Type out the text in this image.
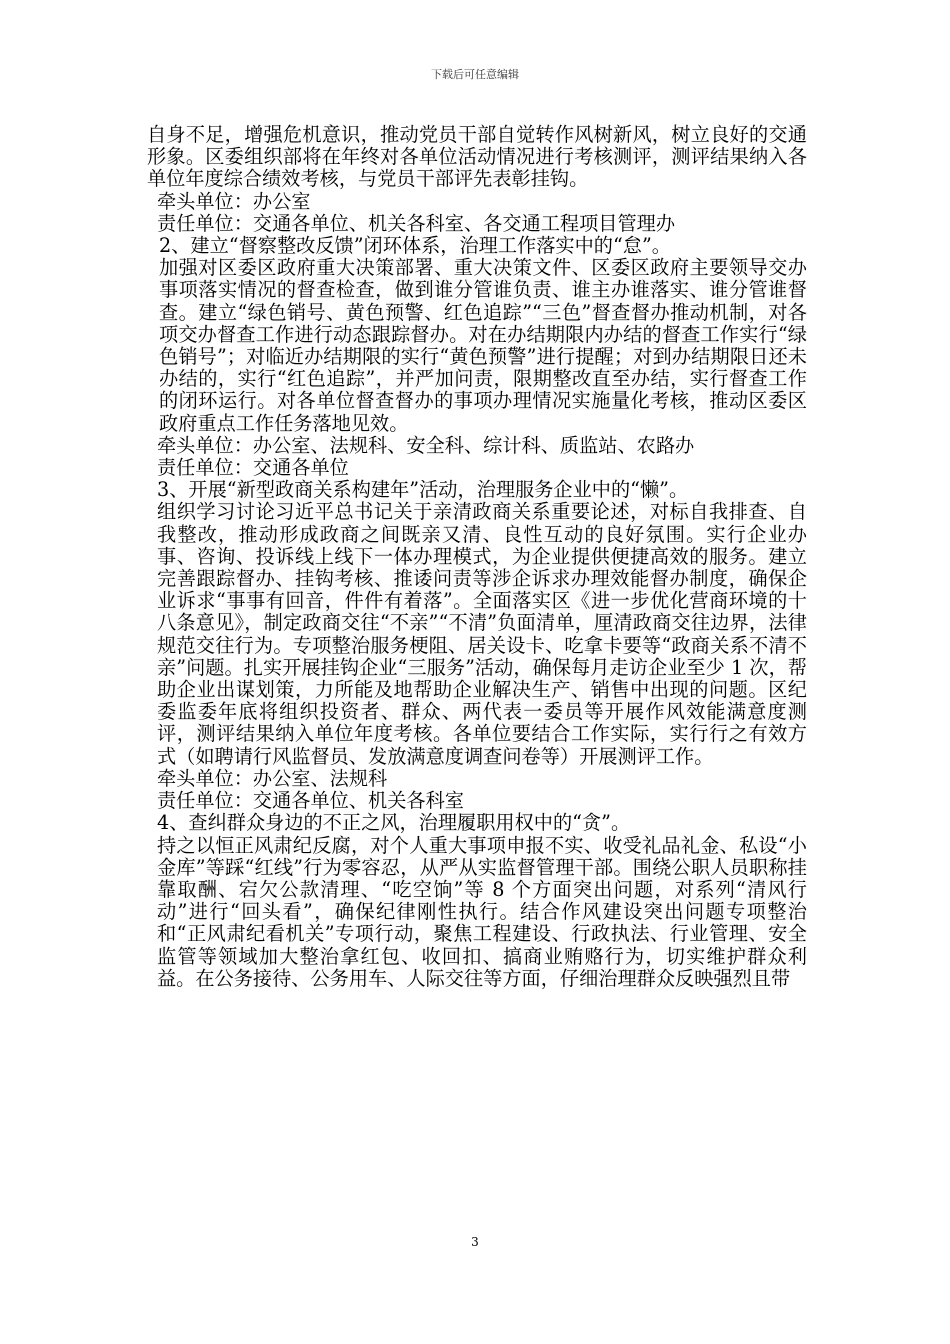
下载后可任意编辑

自身不足，增强危机意识，推动党员干部自觉转作风树新风，树立良好的交通形象。区委组织部将在年终对各单位活动情况进行考核测评，测评结果纳入各单位年度综合绩效考核，与党员干部评先表彰挂钩。

牵头单位：办公室

责任单位：交通各单位、机关各科室、各交通工程项目管理办

2、建立“督察整改反馈”闭环体系，治理工作落实中的“怠”。

加强对区委区政府重大决策部署、重大决策文件、区委区政府主要领导交办事项落实情况的督查检查，做到谁分管谁负责、谁主办谁落实、谁分管谁督查。建立“绿色销号、黄色预警、红色追踪”“三色”督查督办推动机制，对各项交办督查工作进行动态跟踪督办。对在办结期限内办结的督查工作实行“绿色销号”；对临近办结期限的实行“黄色预警”进行提醒；对到办结期限日还未办结的，实行“红色追踪”，并严加问责，限期整改直至办结，实行督查工作的闭环运行。对各单位督查督办的事项办理情况实施量化考核，推动区委区政府重点工作任务落地见效。

牵头单位：办公室、法规科、安全科、综计科、质监站、农路办

责任单位：交通各单位

3、开展“新型政商关系构建年”活动，治理服务企业中的“懒”。

组织学习讨论习近平总书记关于亲清政商关系重要论述，对标自我排查、自我整改，推动形成政商之间既亲又清、良性互动的良好氛围。实行企业办事、咨询、投诉线上线下一体办理模式，为企业提供便捷高效的服务。建立完善跟踪督办、挂钩考核、推诿问责等涉企诉求办理效能督办制度，确保企业诉求“事事有回音，件件有着落”。全面落实区《进一步优化营商环境的十八条意见》，制定政商交往“不亲”“不清”负面清单，厘清政商交往边界，法律规范交往行为。专项整治服务梗阻、居关设卡、吃拿卡要等“政商关系不清不亲”问题。扎实开展挂钩企业“三服务”活动，确保每月走访企业至少 1 次，帮助企业出谋划策，力所能及地帮助企业解决生产、销售中出现的问题。区纪委监委年底将组织投资者、群众、两代表一委员等开展作风效能满意度测评，测评结果纳入单位年度考核。各单位要结合工作实际，实行行之有效方式（如聘请行风监督员、发放满意度调查问卷等）开展测评工作。

牵头单位：办公室、法规科

责任单位：交通各单位、机关各科室

4、查纠群众身边的不正之风，治理履职用权中的“贪”。

持之以恒正风肃纪反腐，对个人重大事项申报不实、收受礼品礼金、私设“小金库”等踩“红线”行为零容忍，从严从实监督管理干部。围绕公职人员职称挂靠取酬、宕欠公款清理、“吃空饷”等 8 个方面突出问题，对系列“清风行动”进行“回头看”，确保纪律刚性执行。结合作风建设突出问题专项整治和“正风肃纪看机关”专项行动，聚焦工程建设、行政执法、行业管理、安全监管等领域加大整治拿红包、收回扣、搞商业贿赂行为，切实维护群众利益。在公务接待、公务用车、人际交往等方面，仔细治理群众反映强烈且带

3
